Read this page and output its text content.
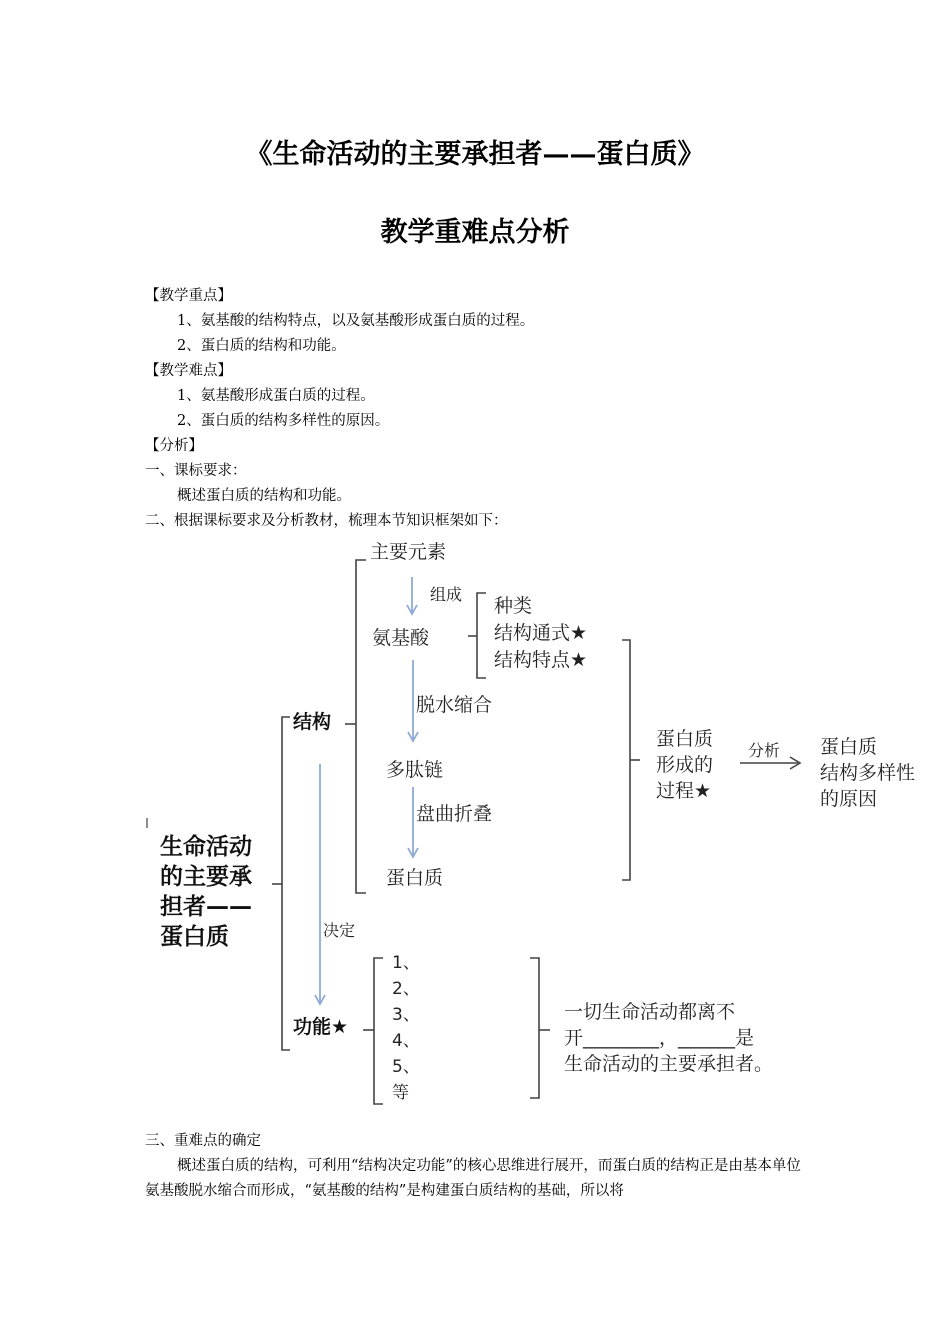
《生命活动的主要承担者——蛋白质》
教学重难点分析
【教学重点】
1、氨基酸的结构特点，以及氨基酸形成蛋白质的过程。
2、蛋白质的结构和功能。
【教学难点】
1、氨基酸形成蛋白质的过程。
2、蛋白质的结构多样性的原因。
【分析】
一、课标要求：
概述蛋白质的结构和功能。
二、根据课标要求及分析教材，梳理本节知识框架如下：
生命活动的主要承担者——蛋白质
结构
功能★
决定
主要元素
组成
氨基酸
种类
结构通式★
结构特点★
脱水缩合
多肽链
盘曲折叠
蛋白质
蛋白质
形成的
过程★
分析 蛋白质
结构多样性
的原因
1、
2、
3、
4、
5、
等
一切生命活动都离不
开________，______是
生命活动的主要承担者。
三、重难点的确定
概述蛋白质的结构，可利用“结构决定功能”的核心思维进行展开，而蛋白质的结构正是由基本单位氨基酸脱水缩合而形成，“氨基酸的结构”是构建蛋白质结构的基础，所以将
